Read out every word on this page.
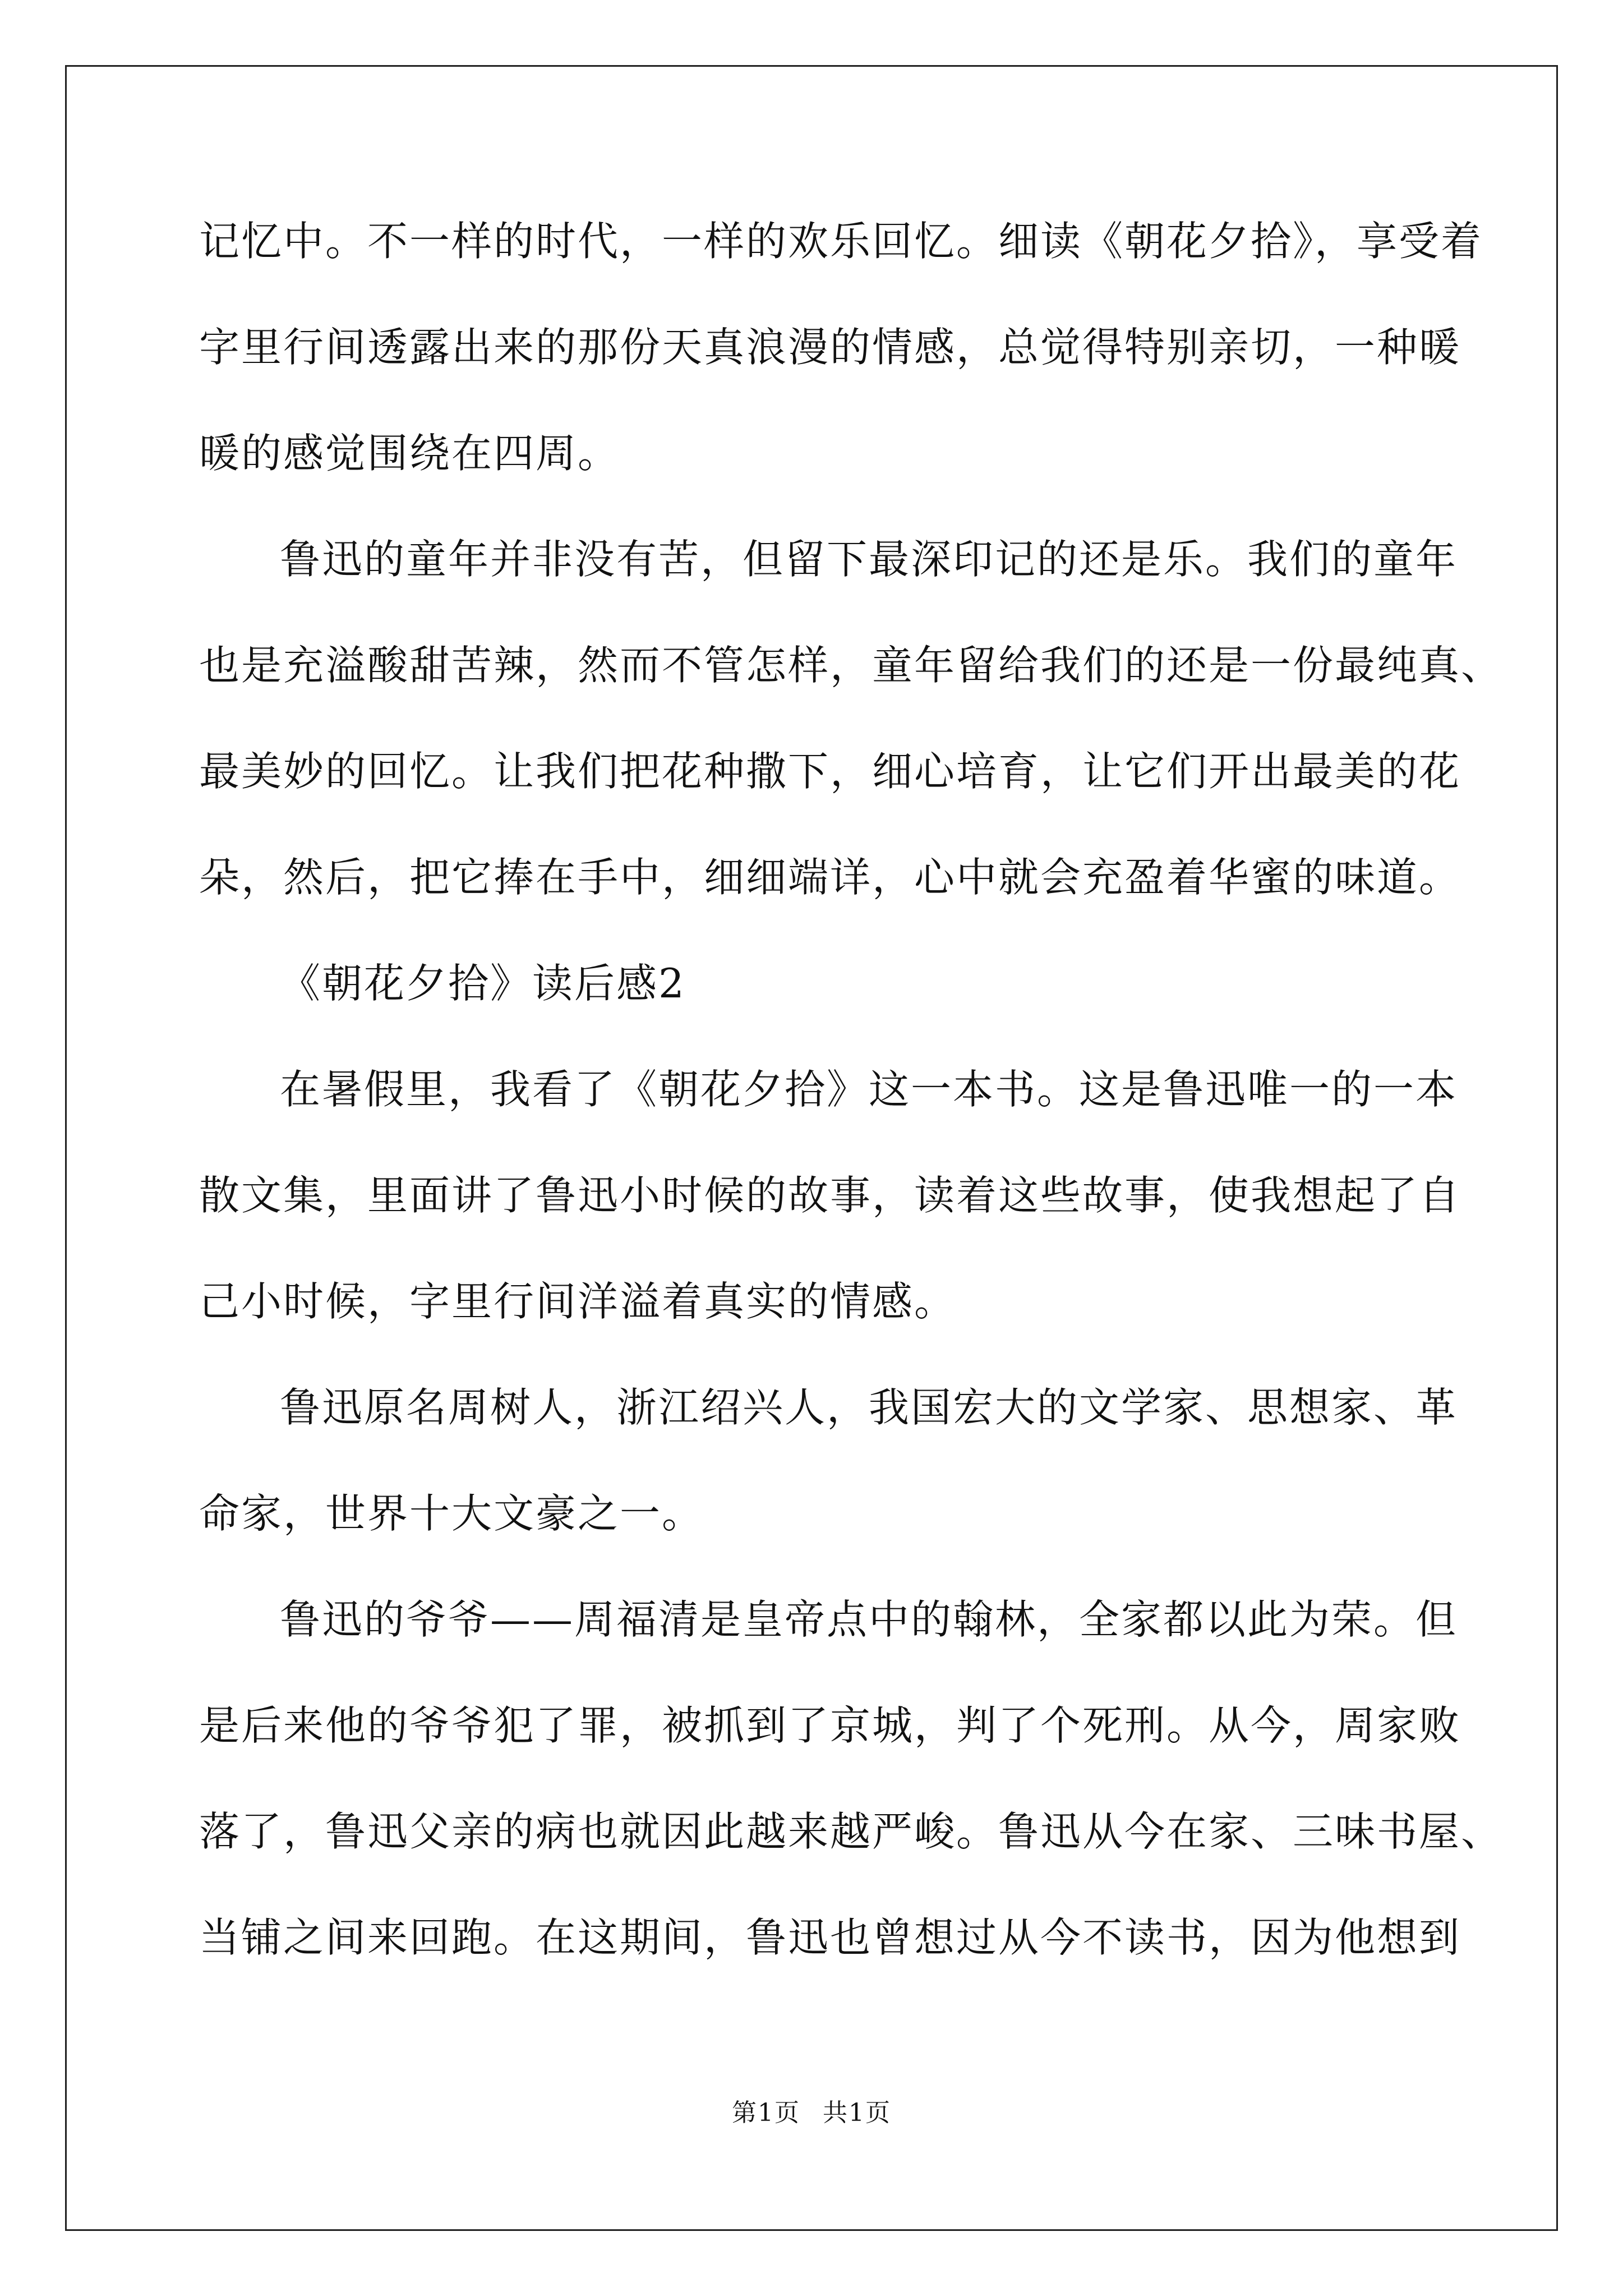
记忆中。不一样的时代，一样的欢乐回忆。细读《朝花夕拾》，享受着
字里行间透露出来的那份天真浪漫的情感，总觉得特别亲切，一种暖
暖的感觉围绕在四周。
鲁迅的童年并非没有苦，但留下最深印记的还是乐。我们的童年
也是充溢酸甜苦辣，然而不管怎样，童年留给我们的还是一份最纯真、
最美妙的回忆。让我们把花种撒下，细心培育，让它们开出最美的花
朵，然后，把它捧在手中，细细端详，心中就会充盈着华蜜的味道。
《朝花夕拾》读后感2
在暑假里，我看了《朝花夕拾》这一本书。这是鲁迅唯一的一本
散文集，里面讲了鲁迅小时候的故事，读着这些故事，使我想起了自
己小时候，字里行间洋溢着真实的情感。
鲁迅原名周树人，浙江绍兴人，我国宏大的文学家、思想家、革
命家，世界十大文豪之一。
鲁迅的爷爷——周福清是皇帝点中的翰林，全家都以此为荣。但
是后来他的爷爷犯了罪，被抓到了京城，判了个死刑。从今，周家败
落了，鲁迅父亲的病也就因此越来越严峻。鲁迅从今在家、三味书屋、
当铺之间来回跑。在这期间，鲁迅也曾想过从今不读书，因为他想到
第1页 共1页
